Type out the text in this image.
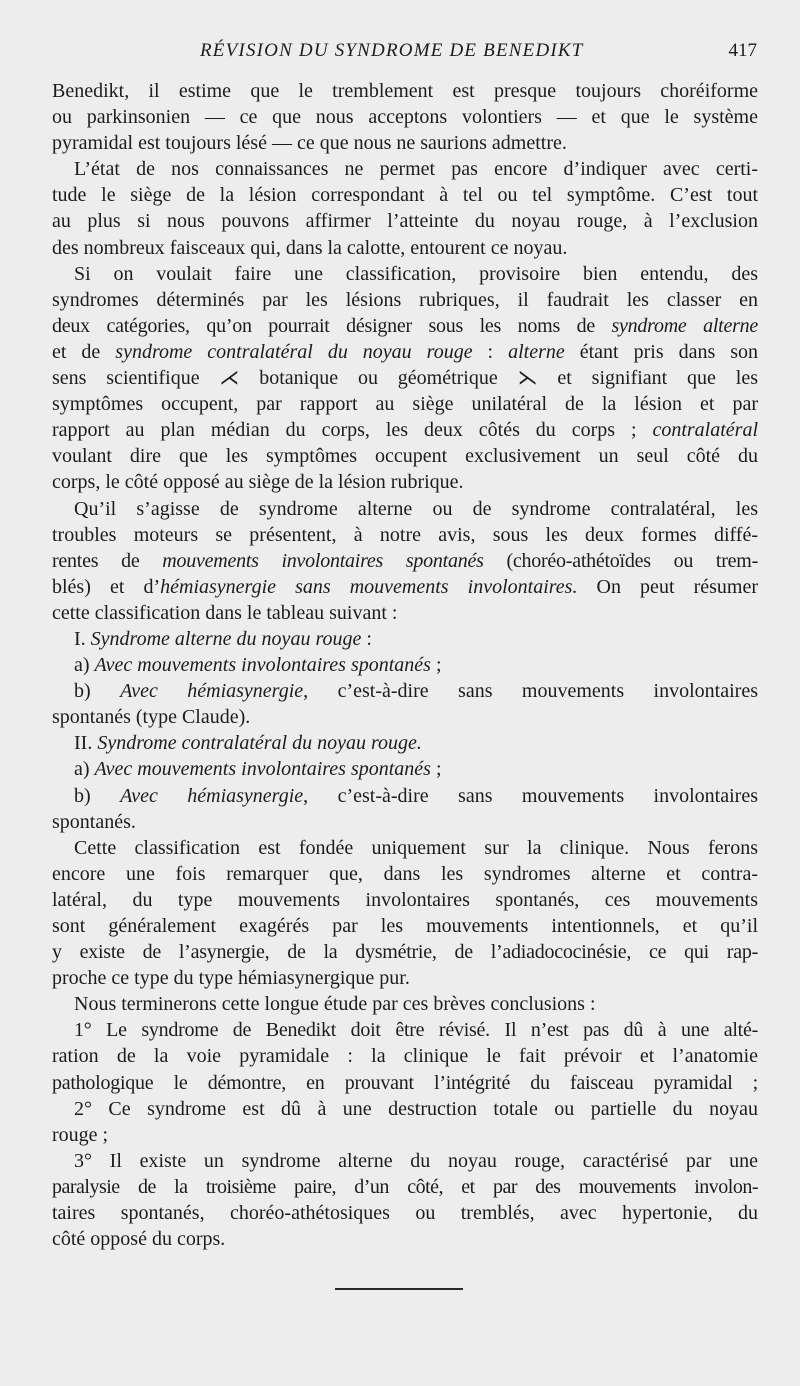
RÉVISION DU SYNDROME DE BENEDIKT	417
Benedikt, il estime que le tremblement est presque toujours choréiforme
ou parkinsonien — ce que nous acceptons volontiers — et que le système
pyramidal est toujours lésé — ce que nous ne saurions admettre.
L’état de nos connaissances ne permet pas encore d’indiquer avec certi-
tude le siège de la lésion correspondant à tel ou tel symptôme. C’est tout
au plus si nous pouvons affirmer l’atteinte du noyau rouge, à l’exclusion
des nombreux faisceaux qui, dans la calotte, entourent ce noyau.
Si on voulait faire une classification, provisoire bien entendu, des
syndromes déterminés par les lésions rubriques, il faudrait les classer en
deux catégories, qu’on pourrait désigner sous les noms de syndrome alterne
et de syndrome contralatéral du noyau rouge : alterne étant pris dans son
sens scientifique ⋌ botanique ou géométrique ⋋ et signifiant que les
symptômes occupent, par rapport au siège unilatéral de la lésion et par
rapport au plan médian du corps, les deux côtés du corps ; contralatéral
voulant dire que les symptômes occupent exclusivement un seul côté du
corps, le côté opposé au siège de la lésion rubrique.
Qu’il s’agisse de syndrome alterne ou de syndrome contralatéral, les
troubles moteurs se présentent, à notre avis, sous les deux formes diffé-
rentes de mouvements involontaires spontanés (choréo-athétoïdes ou trem-
blés) et d’hémiasynergie sans mouvements involontaires. On peut résumer
cette classification dans le tableau suivant :
I. Syndrome alterne du noyau rouge :
a) Avec mouvements involontaires spontanés ;
b) Avec hémiasynergie, c’est-à-dire sans mouvements involontaires
spontanés (type Claude).
II. Syndrome contralatéral du noyau rouge.
a) Avec mouvements involontaires spontanés ;
b) Avec hémiasynergie, c’est-à-dire sans mouvements involontaires
spontanés.
Cette classification est fondée uniquement sur la clinique. Nous ferons
encore une fois remarquer que, dans les syndromes alterne et contra-
latéral, du type mouvements involontaires spontanés, ces mouvements
sont généralement exagérés par les mouvements intentionnels, et qu’il
y existe de l’asynergie, de la dysmétrie, de l’adiadococinésie, ce qui rap-
proche ce type du type hémiasynergique pur.
Nous terminerons cette longue étude par ces brèves conclusions :
1° Le syndrome de Benedikt doit être révisé. Il n’est pas dû à une alté-
ration de la voie pyramidale : la clinique le fait prévoir et l’anatomie
pathologique le démontre, en prouvant l’intégrité du faisceau pyramidal ;
2° Ce syndrome est dû à une destruction totale ou partielle du noyau
rouge ;
3° Il existe un syndrome alterne du noyau rouge, caractérisé par une
paralysie de la troisième paire, d’un côté, et par des mouvements involon-
taires spontanés, choréo-athétosiques ou tremblés, avec hypertonie, du
côté opposé du corps.
